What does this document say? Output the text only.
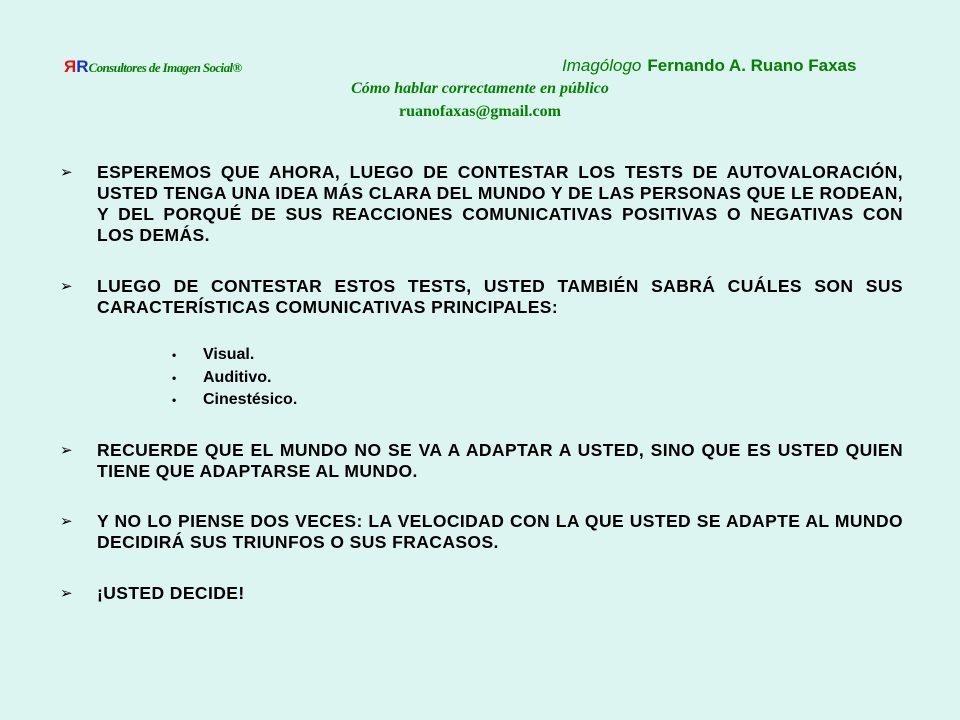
RRConsultores de Imagen Social®	Imagólogo Fernando A. Ruano Faxas
Cómo hablar correctamente en público
ruanofaxas@gmail.com
➢ ESPEREMOS QUE AHORA, LUEGO DE CONTESTAR LOS TESTS DE AUTOVALORACIÓN, USTED TENGA UNA IDEA MÁS CLARA DEL MUNDO Y DE LAS PERSONAS QUE LE RODEAN, Y DEL PORQUÉ DE SUS REACCIONES COMUNICATIVAS POSITIVAS O NEGATIVAS CON LOS DEMÁS.
➢ LUEGO DE CONTESTAR ESTOS TESTS, USTED TAMBIÉN SABRÁ CUÁLES SON SUS CARACTERÍSTICAS COMUNICATIVAS PRINCIPALES:
• Visual.
• Auditivo.
• Cinestésico.
➢ RECUERDE QUE EL MUNDO NO SE VA A ADAPTAR A USTED, SINO QUE ES USTED QUIEN TIENE QUE ADAPTARSE AL MUNDO.
➢ Y NO LO PIENSE DOS VECES: LA VELOCIDAD CON LA QUE USTED SE ADAPTE AL MUNDO DECIDIRÁ SUS TRIUNFOS O SUS FRACASOS.
➢ ¡USTED DECIDE!
